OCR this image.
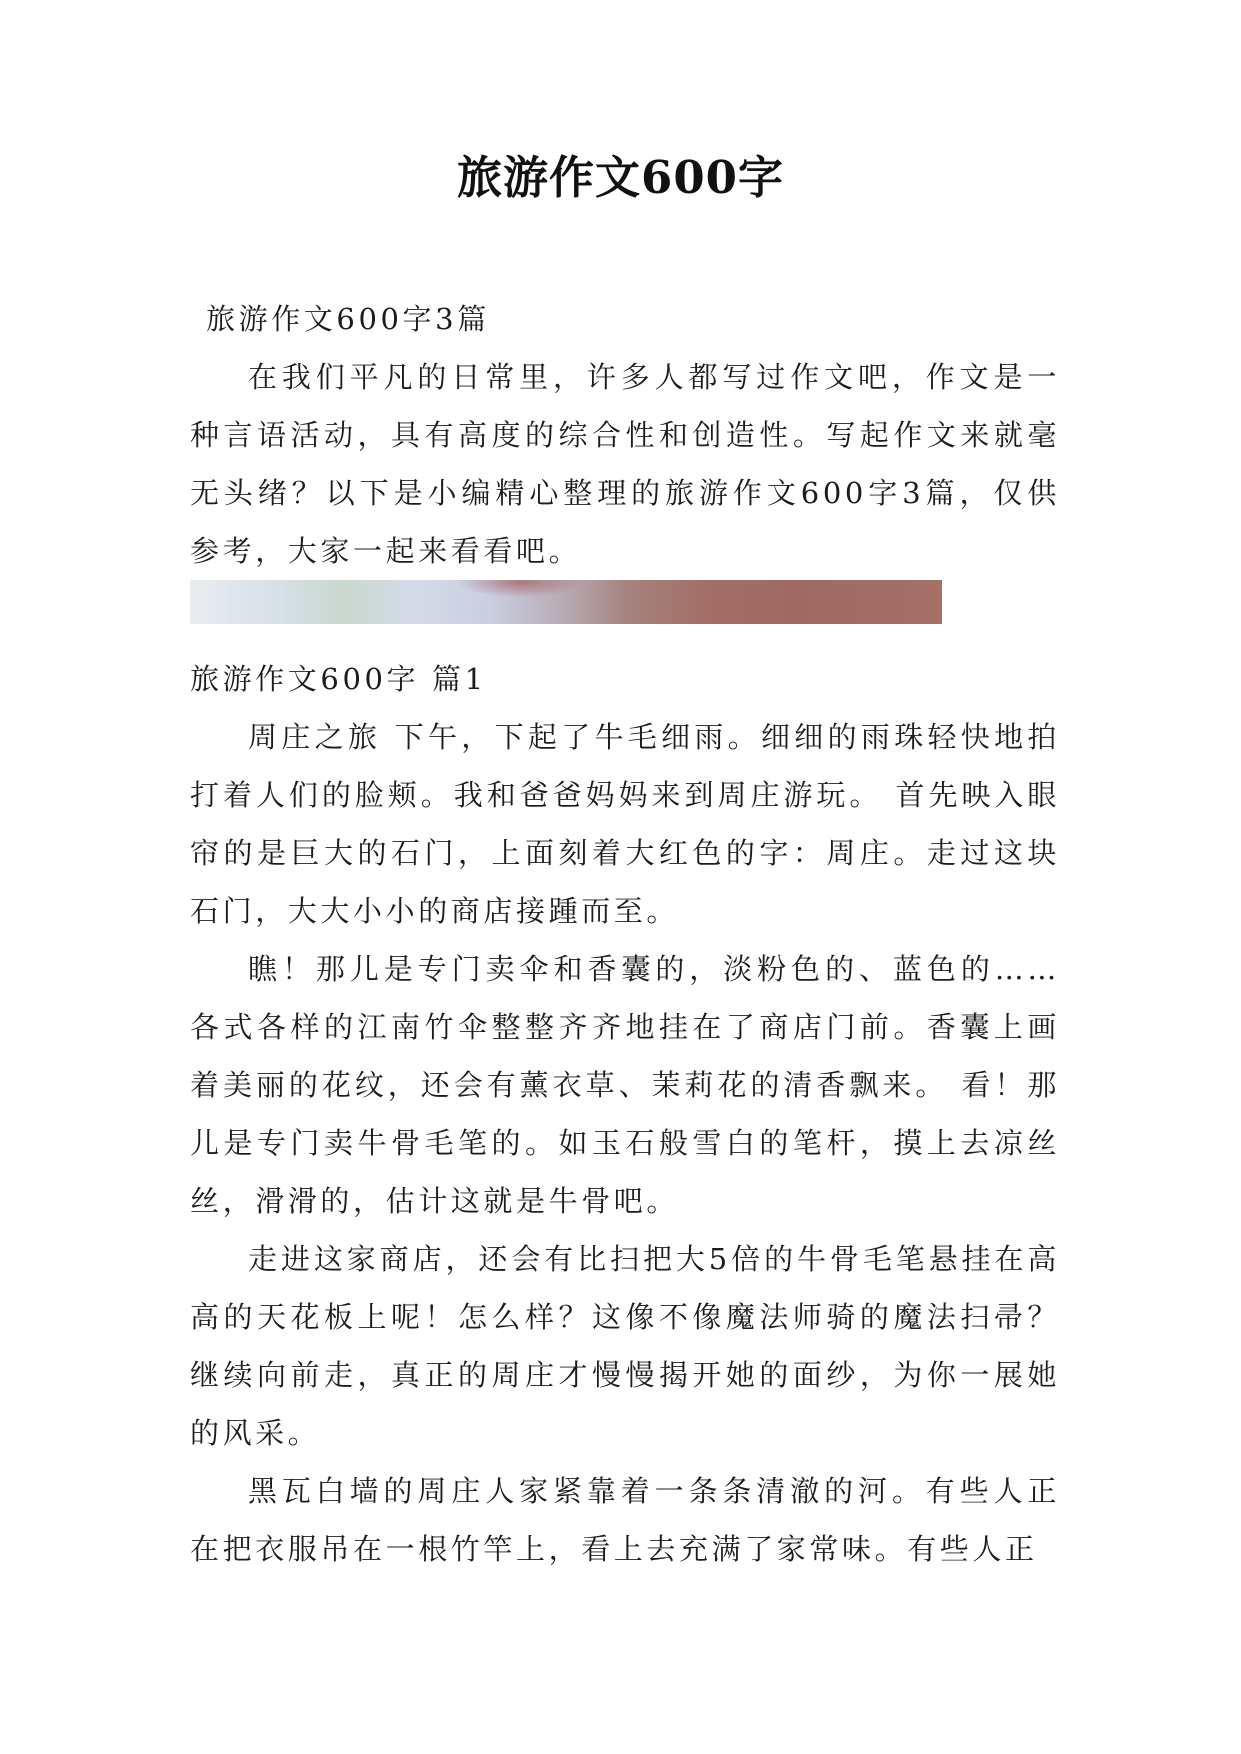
旅游作文600字

旅游作文600字3篇

在我们平凡的日常里，许多人都写过作文吧，作文是一种言语活动，具有高度的综合性和创造性。写起作文来就毫无头绪？以下是小编精心整理的旅游作文600字3篇，仅供参考，大家一起来看看吧。

旅游作文600字 篇1

周庄之旅 下午，下起了牛毛细雨。细细的雨珠轻快地拍打着人们的脸颊。我和爸爸妈妈来到周庄游玩。 首先映入眼帘的是巨大的石门，上面刻着大红色的字：周庄。走过这块石门，大大小小的商店接踵而至。

瞧！那儿是专门卖伞和香囊的，淡粉色的、蓝色的……各式各样的江南竹伞整整齐齐地挂在了商店门前。香囊上画着美丽的花纹，还会有薰衣草、茉莉花的清香飘来。 看！那儿是专门卖牛骨毛笔的。如玉石般雪白的笔杆，摸上去凉丝丝，滑滑的，估计这就是牛骨吧。

走进这家商店，还会有比扫把大5倍的牛骨毛笔悬挂在高高的天花板上呢！怎么样？这像不像魔法师骑的魔法扫帚？ 继续向前走，真正的周庄才慢慢揭开她的面纱，为你一展她的风采。

黑瓦白墙的周庄人家紧靠着一条条清澈的河。有些人正在把衣服吊在一根竹竿上，看上去充满了家常味。有些人正
